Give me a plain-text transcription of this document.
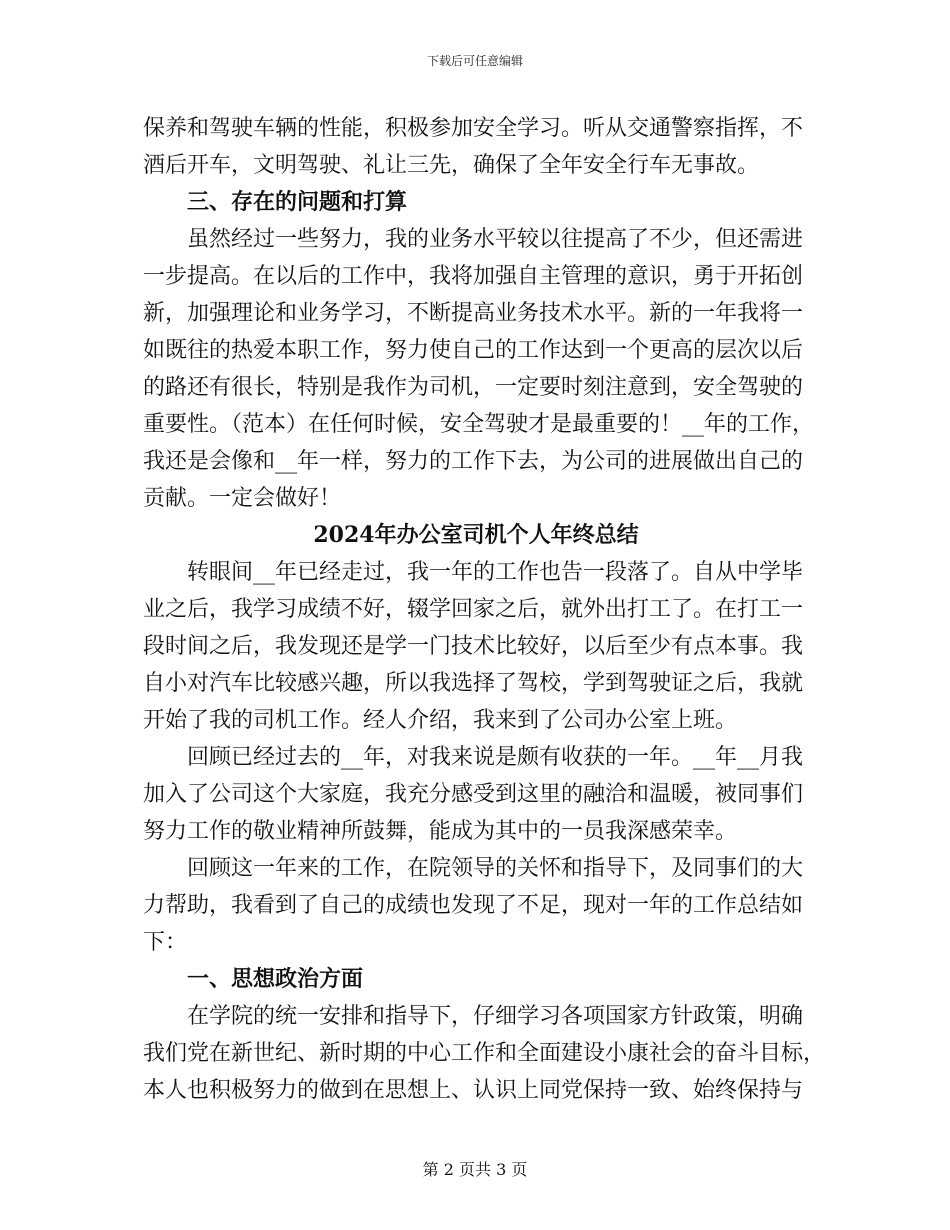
下载后可任意编辑
保养和驾驶车辆的性能，积极参加安全学习。听从交通警察指挥，不
酒后开车，文明驾驶、礼让三先，确保了全年安全行车无事故。
三、存在的问题和打算
虽然经过一些努力，我的业务水平较以往提高了不少，但还需进
一步提高。在以后的工作中，我将加强自主管理的意识，勇于开拓创
新，加强理论和业务学习，不断提高业务技术水平。新的一年我将一
如既往的热爱本职工作，努力使自己的工作达到一个更高的层次以后
的路还有很长，特别是我作为司机，一定要时刻注意到，安全驾驶的
重要性。（范本）在任何时候，安全驾驶才是最重要的！__年的工作，
我还是会像和__年一样，努力的工作下去，为公司的进展做出自己的
贡献。一定会做好！
2024年办公室司机个人年终总结
转眼间__年已经走过，我一年的工作也告一段落了。自从中学毕
业之后，我学习成绩不好，辍学回家之后，就外出打工了。在打工一
段时间之后，我发现还是学一门技术比较好，以后至少有点本事。我
自小对汽车比较感兴趣，所以我选择了驾校，学到驾驶证之后，我就
开始了我的司机工作。经人介绍，我来到了公司办公室上班。
回顾已经过去的__年，对我来说是颇有收获的一年。__年__月我
加入了公司这个大家庭，我充分感受到这里的融洽和温暖，被同事们
努力工作的敬业精神所鼓舞，能成为其中的一员我深感荣幸。
回顾这一年来的工作，在院领导的关怀和指导下，及同事们的大
力帮助，我看到了自己的成绩也发现了不足，现对一年的工作总结如
下：
一、思想政治方面
在学院的统一安排和指导下，仔细学习各项国家方针政策，明确
我们党在新世纪、新时期的中心工作和全面建设小康社会的奋斗目标，
本人也积极努力的做到在思想上、认识上同党保持一致、始终保持与
第 2 页共 3 页
